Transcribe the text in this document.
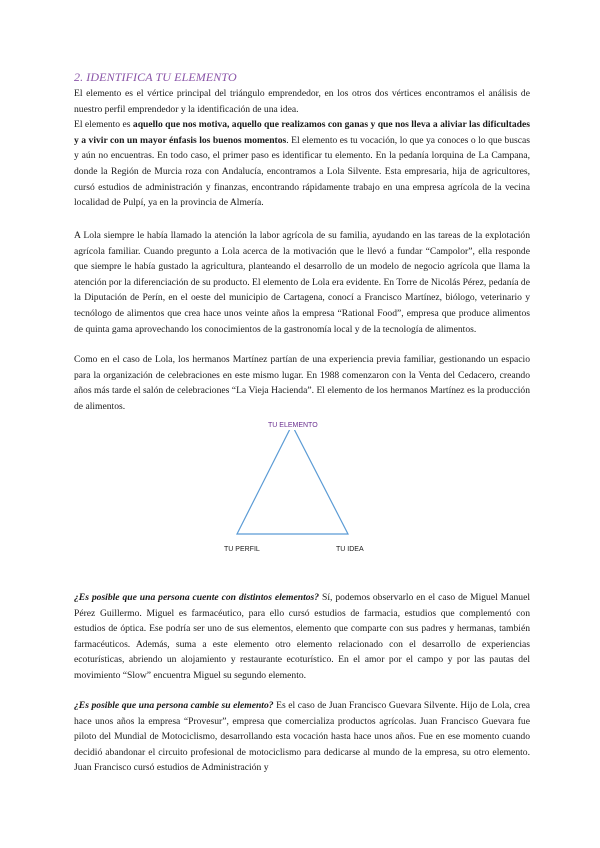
2. IDENTIFICA TU ELEMENTO

El elemento es el vértice principal del triángulo emprendedor, en los otros dos vértices encontramos el análisis de nuestro perfil emprendedor y la identificación de una idea.

El elemento es aquello que nos motiva, aquello que realizamos con ganas y que nos lleva a aliviar las dificultades y a vivir con un mayor énfasis los buenos momentos. El elemento es tu vocación, lo que ya conoces o lo que buscas y aún no encuentras. En todo caso, el primer paso es identificar tu elemento. En la pedanía lorquina de La Campana, donde la Región de Murcia roza con Andalucía, encontramos a Lola Silvente. Esta empresaria, hija de agricultores, cursó estudios de administración y finanzas, encontrando rápidamente trabajo en una empresa agrícola de la vecina localidad de Pulpí, ya en la provincia de Almería.

A Lola siempre le había llamado la atención la labor agrícola de su familia, ayudando en las tareas de la explotación agrícola familiar. Cuando pregunto a Lola acerca de la motivación que le llevó a fundar “Campolor”, ella responde que siempre le había gustado la agricultura, planteando el desarrollo de un modelo de negocio agrícola que llama la atención por la diferenciación de su producto. El elemento de Lola era evidente. En Torre de Nicolás Pérez, pedanía de la Diputación de Perín, en el oeste del municipio de Cartagena, conocí a Francisco Martínez, biólogo, veterinario y tecnólogo de alimentos que crea hace unos veinte años la empresa “Rational Food”, empresa que produce alimentos de quinta gama aprovechando los conocimientos de la gastronomía local y de la tecnología de alimentos.

Como en el caso de Lola, los hermanos Martínez partían de una experiencia previa familiar, gestionando un espacio para la organización de celebraciones en este mismo lugar. En 1988 comenzaron con la Venta del Cedacero, creando años más tarde el salón de celebraciones “La Vieja Hacienda”. El elemento de los hermanos Martínez es la producción de alimentos.

TU ELEMENTO
TU PERFIL	TU IDEA

¿Es posible que una persona cuente con distintos elementos? Sí, podemos observarlo en el caso de Miguel Manuel Pérez Guillermo. Miguel es farmacéutico, para ello cursó estudios de farmacia, estudios que complementó con estudios de óptica. Ese podría ser uno de sus elementos, elemento que comparte con sus padres y hermanas, también farmacéuticos. Además, suma a este elemento otro elemento relacionado con el desarrollo de experiencias ecoturísticas, abriendo un alojamiento y restaurante ecoturístico. En el amor por el campo y por las pautas del movimiento “Slow” encuentra Miguel su segundo elemento.

¿Es posible que una persona cambie su elemento? Es el caso de Juan Francisco Guevara Silvente. Hijo de Lola, crea hace unos años la empresa “Provesur”, empresa que comercializa productos agrícolas. Juan Francisco Guevara fue piloto del Mundial de Motociclismo, desarrollando esta vocación hasta hace unos años. Fue en ese momento cuando decidió abandonar el circuito profesional de motociclismo para dedicarse al mundo de la empresa, su otro elemento. Juan Francisco cursó estudios de Administración y
